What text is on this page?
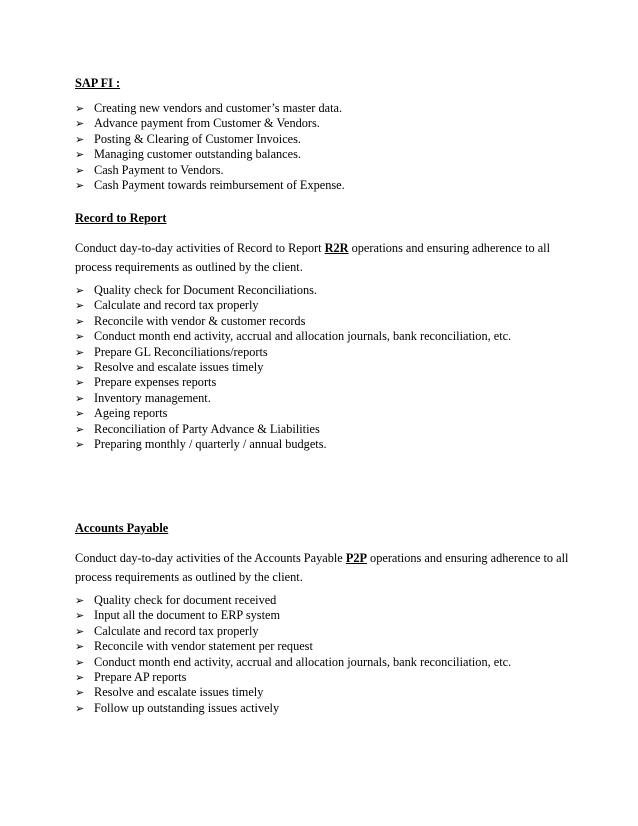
SAP FI :

➢ Creating new vendors and customer’s master data.
➢ Advance payment from Customer & Vendors.
➢ Posting & Clearing of Customer Invoices.
➢ Managing customer outstanding balances.
➢ Cash Payment to Vendors.
➢ Cash Payment towards reimbursement of Expense.

Record to Report

Conduct day-to-day activities of Record to Report R2R operations and ensuring adherence to all process requirements as outlined by the client.

➢ Quality check for Document Reconciliations.
➢ Calculate and record tax properly
➢ Reconcile with vendor & customer records
➢ Conduct month end activity, accrual and allocation journals, bank reconciliation, etc.
➢ Prepare GL Reconciliations/reports
➢ Resolve and escalate issues timely
➢ Prepare expenses reports
➢ Inventory management.
➢ Ageing reports
➢ Reconciliation of Party Advance & Liabilities
➢ Preparing monthly / quarterly / annual budgets.

Accounts Payable

Conduct day-to-day activities of the Accounts Payable P2P operations and ensuring adherence to all process requirements as outlined by the client.

➢ Quality check for document received
➢ Input all the document to ERP system
➢ Calculate and record tax properly
➢ Reconcile with vendor statement per request
➢ Conduct month end activity, accrual and allocation journals, bank reconciliation, etc.
➢ Prepare AP reports
➢ Resolve and escalate issues timely
➢ Follow up outstanding issues actively
